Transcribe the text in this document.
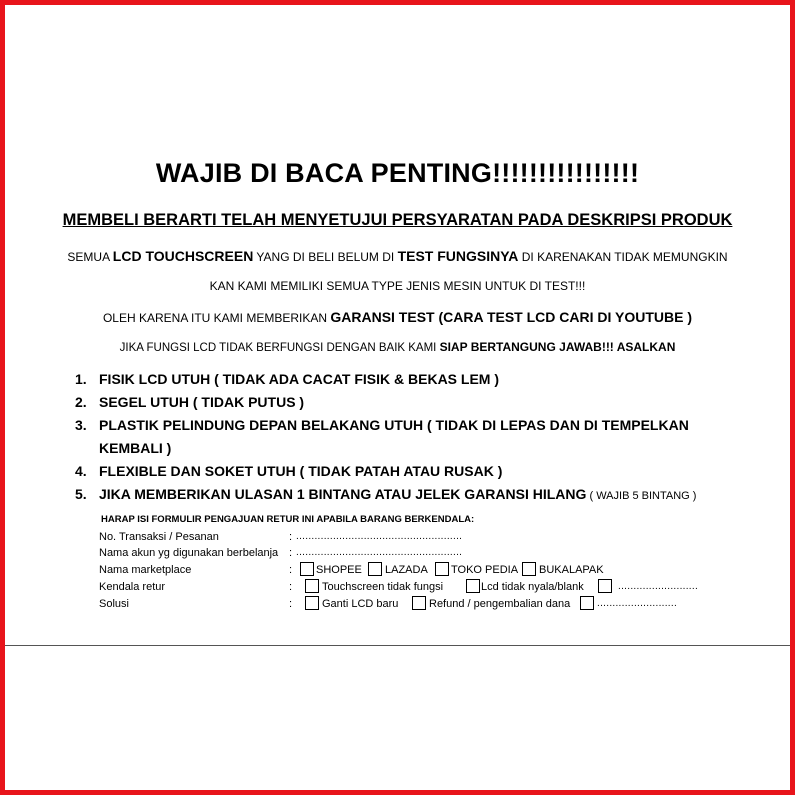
WAJIB DI BACA PENTING!!!!!!!!!!!!!!!!
MEMBELI BERARTI TELAH MENYETUJUI PERSYARATAN PADA DESKRIPSI PRODUK
SEMUA LCD TOUCHSCREEN YANG DI BELI BELUM DI TEST FUNGSINYA DI KARENAKAN TIDAK MEMUNGKIN
KAN KAMI MEMILIKI SEMUA TYPE JENIS MESIN UNTUK DI TEST!!!
OLEH KARENA ITU KAMI MEMBERIKAN GARANSI TEST (CARA TEST LCD CARI DI YOUTUBE )
JIKA FUNGSI LCD TIDAK BERFUNGSI DENGAN BAIK KAMI SIAP BERTANGUNG JAWAB!!! ASALKAN
1. FISIK LCD UTUH ( TIDAK ADA CACAT FISIK & BEKAS LEM )
2. SEGEL UTUH ( TIDAK PUTUS )
3. PLASTIK PELINDUNG DEPAN BELAKANG UTUH ( TIDAK DI LEPAS DAN DI TEMPELKAN KEMBALI )
4. FLEXIBLE DAN SOKET UTUH ( TIDAK PATAH ATAU RUSAK )
5. JIKA MEMBERIKAN ULASAN 1 BINTANG ATAU JELEK GARANSI HILANG ( WAJIB 5 BINTANG )
HARAP ISI FORMULIR PENGAJUAN RETUR INI APABILA BARANG BERKENDALA:
No. Transaksi / Pesanan	: ......................................................
Nama akun yg digunakan berbelanja : ......................................................
Nama marketplace	: SHOPEE LAZADA TOKO PEDIA BUKALAPAK
Kendala retur	:	Touchscreen tidak fungsi	Lcd tidak nyala/blank	..........................
Solusi	:	Ganti LCD baru	Refund / pengembalian dana	..........................
